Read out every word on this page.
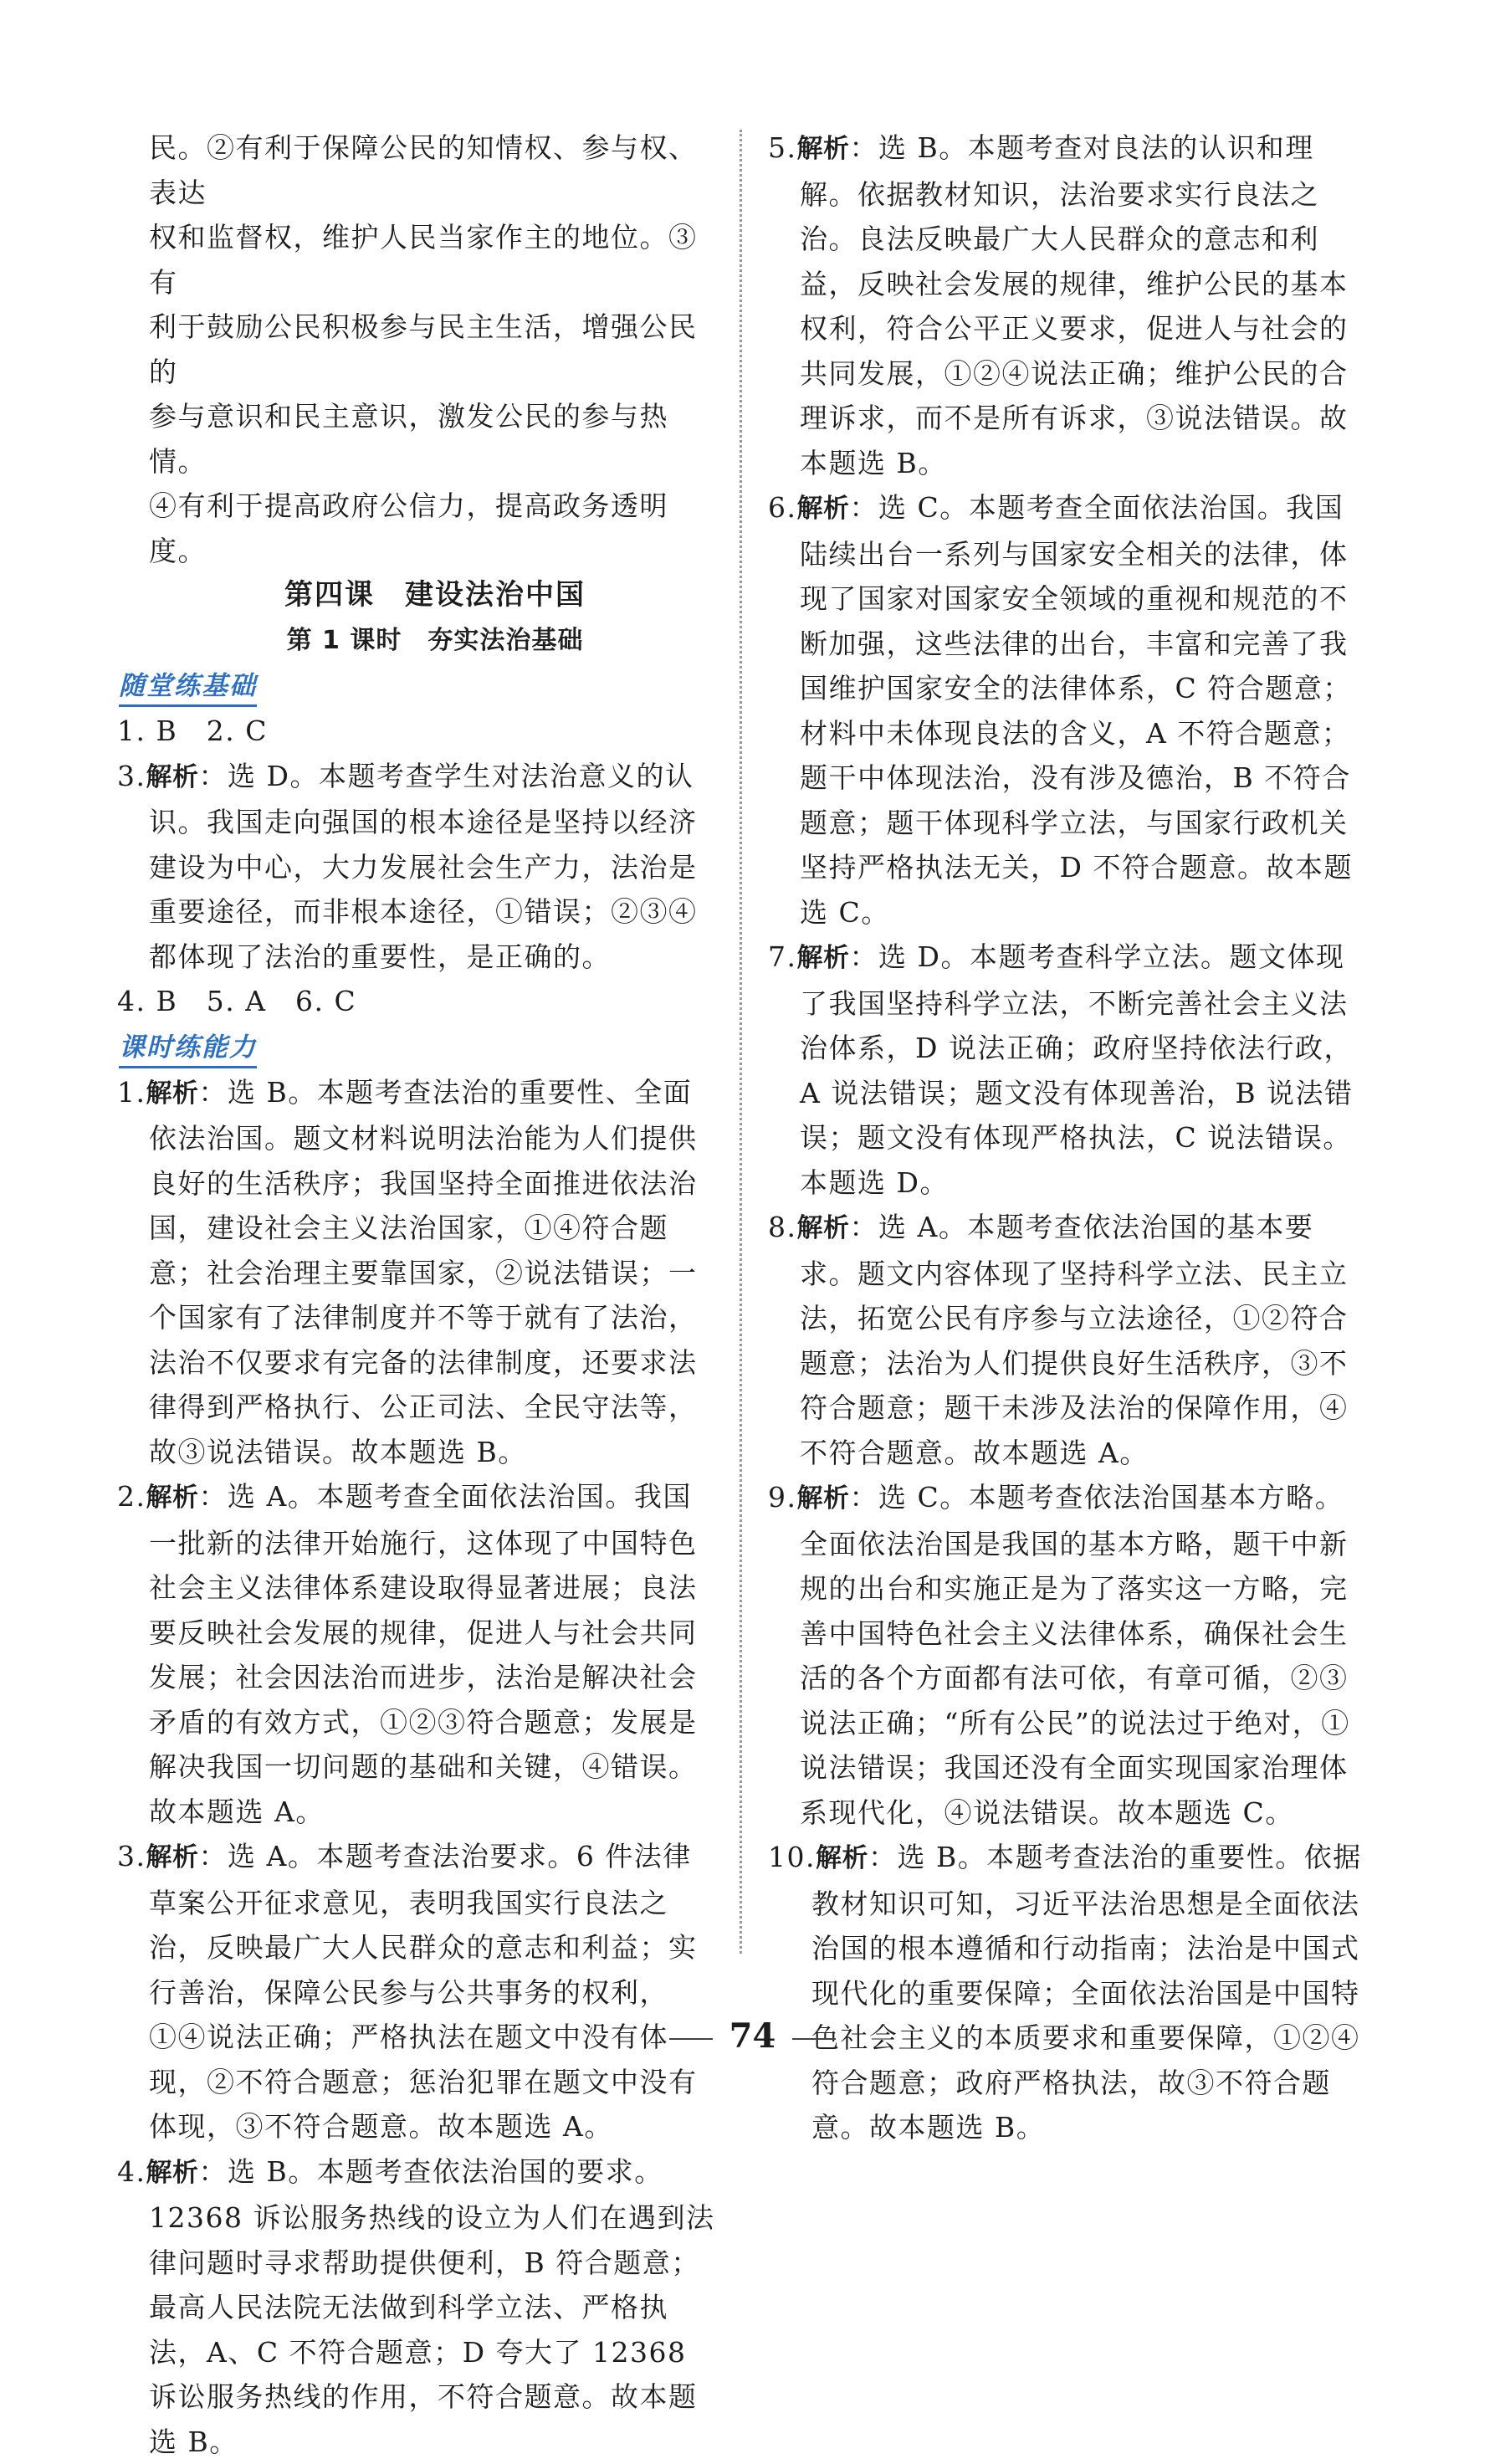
民。②有利于保障公民的知情权、参与权、表达

权和监督权，维护人民当家作主的地位。③有

利于鼓励公民积极参与民主生活，增强公民的

参与意识和民主意识，激发公民的参与热情。

④有利于提高政府公信力，提高政务透明度。

第四课　建设法治中国

第 1 课时　夯实法治基础

随堂练基础

1. B　2. C

3.解析：选 D。本题考查学生对法治意义的认识。我国走向强国的根本途径是坚持以经济建设为中心，大力发展社会生产力，法治是重要途径，而非根本途径，①错误；②③④都体现了法治的重要性，是正确的。

4. B　5. A　6. C

课时练能力

1.解析：选 B。本题考查法治的重要性、全面依法治国。题文材料说明法治能为人们提供良好的生活秩序；我国坚持全面推进依法治国，建设社会主义法治国家，①④符合题意；社会治理主要靠国家，②说法错误；一个国家有了法律制度并不等于就有了法治，法治不仅要求有完备的法律制度，还要求法律得到严格执行、公正司法、全民守法等，故③说法错误。故本题选 B。

2.解析：选 A。本题考查全面依法治国。我国一批新的法律开始施行，这体现了中国特色社会主义法律体系建设取得显著进展；良法要反映社会发展的规律，促进人与社会共同发展；社会因法治而进步，法治是解决社会矛盾的有效方式，①②③符合题意；发展是解决我国一切问题的基础和关键，④错误。故本题选 A。

3.解析：选 A。本题考查法治要求。6 件法律草案公开征求意见，表明我国实行良法之治，反映最广大人民群众的意志和利益；实行善治，保障公民参与公共事务的权利，①④说法正确；严格执法在题文中没有体现，②不符合题意；惩治犯罪在题文中没有体现，③不符合题意。故本题选 A。

4.解析：选 B。本题考查依法治国的要求。12368 诉讼服务热线的设立为人们在遇到法律问题时寻求帮助提供便利，B 符合题意；最高人民法院无法做到科学立法、严格执法，A、C 不符合题意；D 夸大了 12368 诉讼服务热线的作用，不符合题意。故本题选 B。

5.解析：选 B。本题考查对良法的认识和理解。依据教材知识，法治要求实行良法之治。良法反映最广大人民群众的意志和利益，反映社会发展的规律，维护公民的基本权利，符合公平正义要求，促进人与社会的共同发展，①②④说法正确；维护公民的合理诉求，而不是所有诉求，③说法错误。故本题选 B。

6.解析：选 C。本题考查全面依法治国。我国陆续出台一系列与国家安全相关的法律，体现了国家对国家安全领域的重视和规范的不断加强，这些法律的出台，丰富和完善了我国维护国家安全的法律体系，C 符合题意；材料中未体现良法的含义，A 不符合题意；题干中体现法治，没有涉及德治，B 不符合题意；题干体现科学立法，与国家行政机关坚持严格执法无关，D 不符合题意。故本题选 C。

7.解析：选 D。本题考查科学立法。题文体现了我国坚持科学立法，不断完善社会主义法治体系，D 说法正确；政府坚持依法行政，A 说法错误；题文没有体现善治，B 说法错误；题文没有体现严格执法，C 说法错误。本题选 D。

8.解析：选 A。本题考查依法治国的基本要求。题文内容体现了坚持科学立法、民主立法，拓宽公民有序参与立法途径，①②符合题意；法治为人们提供良好生活秩序，③不符合题意；题干未涉及法治的保障作用，④不符合题意。故本题选 A。

9.解析：选 C。本题考查依法治国基本方略。全面依法治国是我国的基本方略，题干中新规的出台和实施正是为了落实这一方略，完善中国特色社会主义法律体系，确保社会生活的各个方面都有法可依，有章可循，②③说法正确；“所有公民”的说法过于绝对，①说法错误；我国还没有全面实现国家治理体系现代化，④说法错误。故本题选 C。

10.解析：选 B。本题考查法治的重要性。依据教材知识可知，习近平法治思想是全面依法治国的根本遵循和行动指南；法治是中国式现代化的重要保障；全面依法治国是中国特色社会主义的本质要求和重要保障，①②④符合题意；政府严格执法，故③不符合题意。故本题选 B。

74
